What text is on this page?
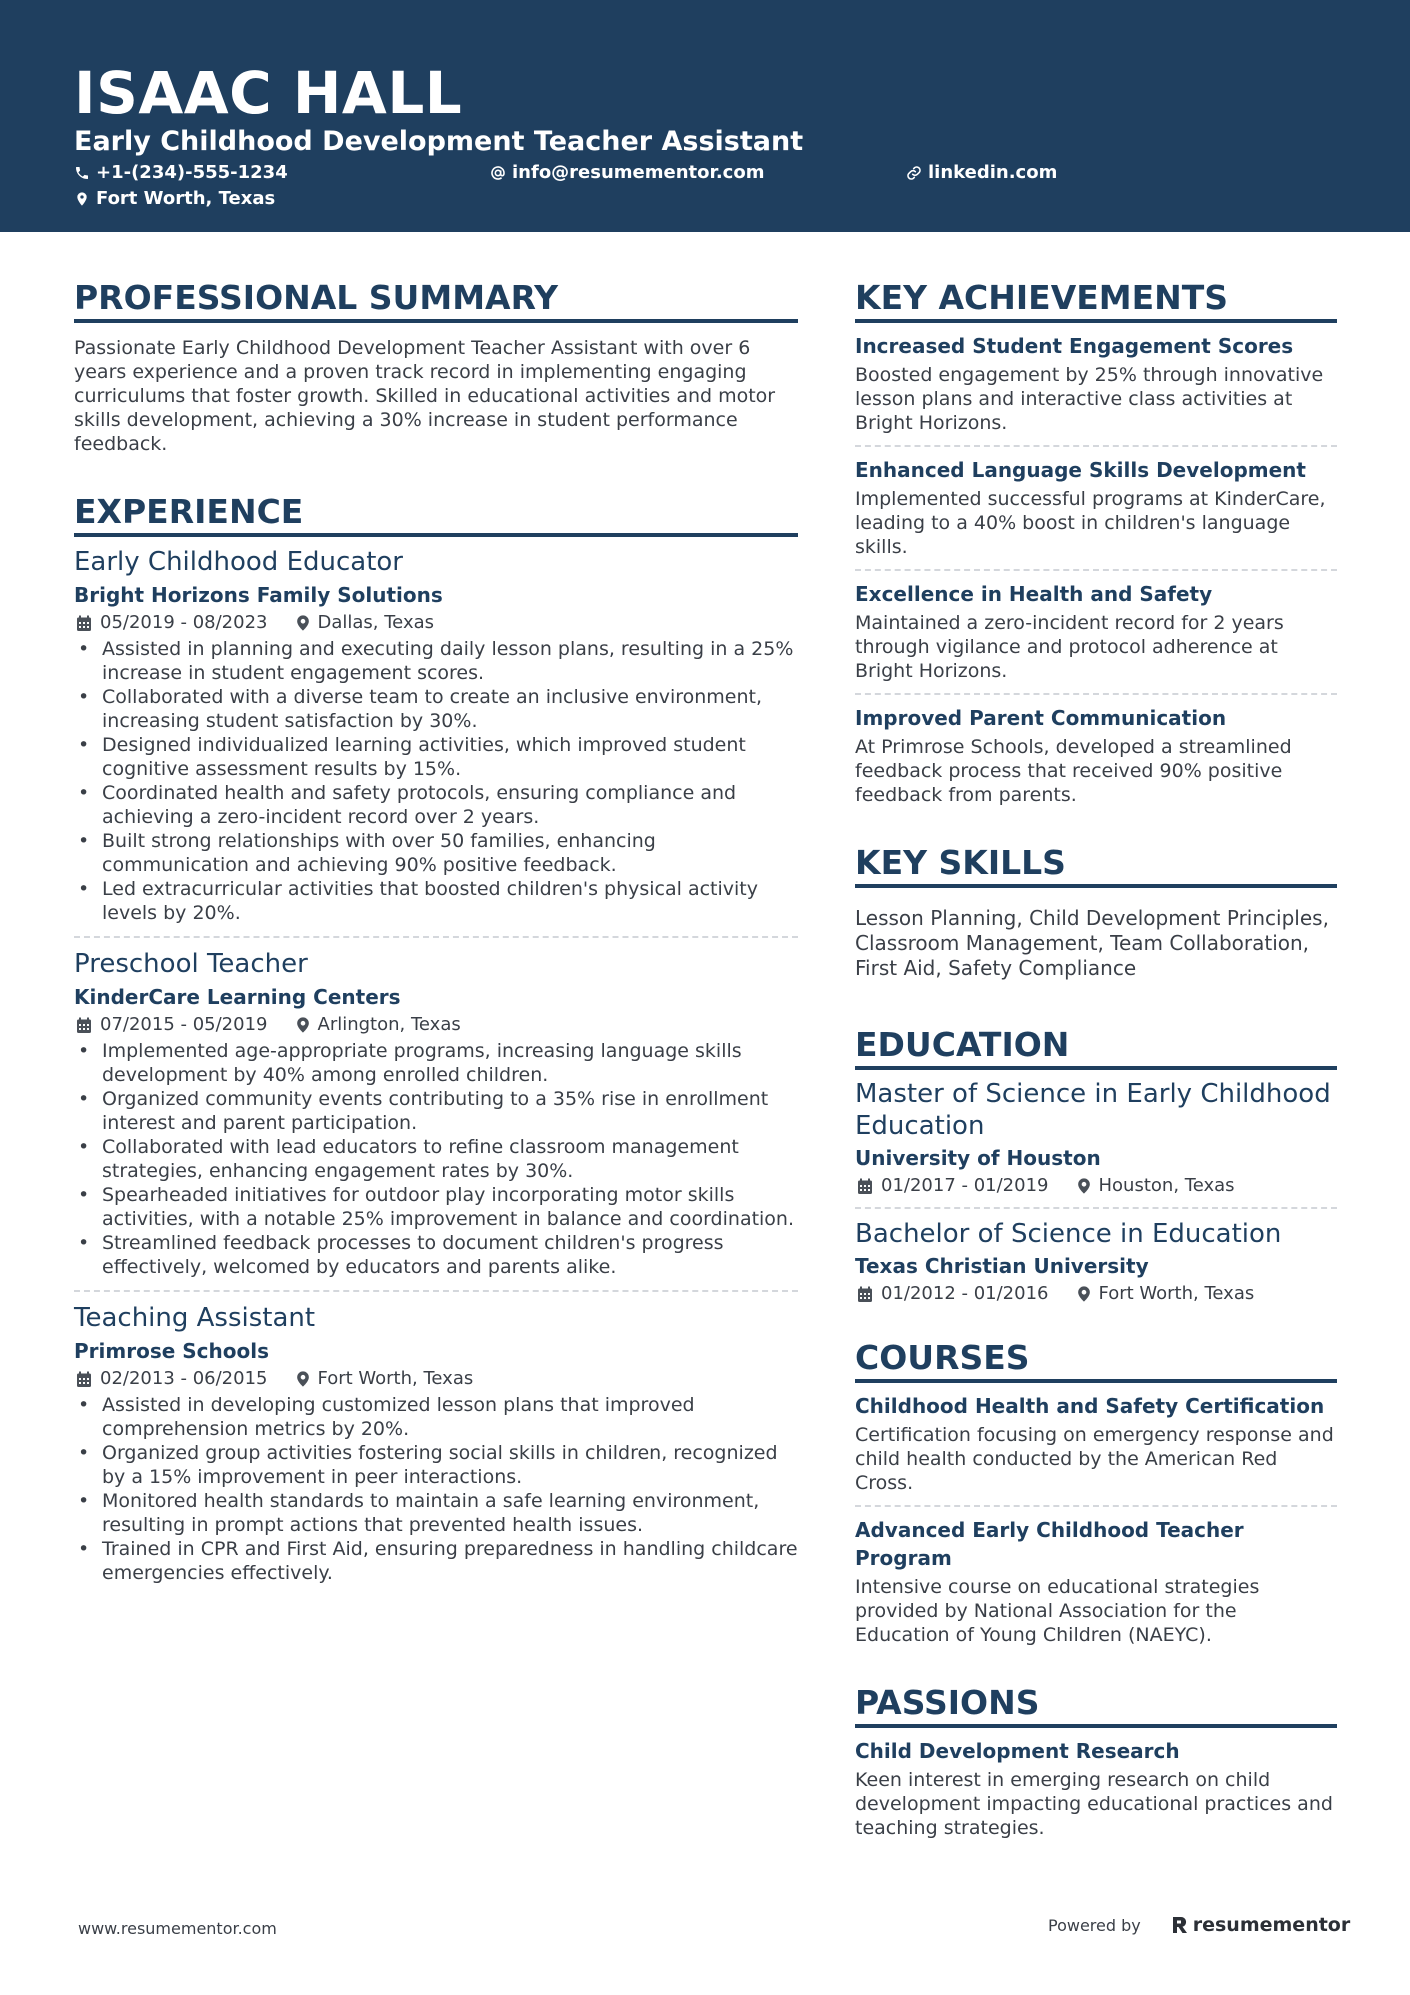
ISAAC HALL
Early Childhood Development Teacher Assistant
+1-(234)-555-1234	info@resumementor.com	linkedin.com
Fort Worth, Texas
PROFESSIONAL SUMMARY
Passionate Early Childhood Development Teacher Assistant with over 6 years experience and a proven track record in implementing engaging curriculums that foster growth. Skilled in educational activities and motor skills development, achieving a 30% increase in student performance feedback.
EXPERIENCE
Early Childhood Educator
Bright Horizons Family Solutions
05/2019 - 08/2023	Dallas, Texas
• Assisted in planning and executing daily lesson plans, resulting in a 25% increase in student engagement scores.
• Collaborated with a diverse team to create an inclusive environment, increasing student satisfaction by 30%.
• Designed individualized learning activities, which improved student cognitive assessment results by 15%.
• Coordinated health and safety protocols, ensuring compliance and achieving a zero-incident record over 2 years.
• Built strong relationships with over 50 families, enhancing communication and achieving 90% positive feedback.
• Led extracurricular activities that boosted children's physical activity levels by 20%.
Preschool Teacher
KinderCare Learning Centers
07/2015 - 05/2019	Arlington, Texas
• Implemented age-appropriate programs, increasing language skills development by 40% among enrolled children.
• Organized community events contributing to a 35% rise in enrollment interest and parent participation.
• Collaborated with lead educators to refine classroom management strategies, enhancing engagement rates by 30%.
• Spearheaded initiatives for outdoor play incorporating motor skills activities, with a notable 25% improvement in balance and coordination.
• Streamlined feedback processes to document children's progress effectively, welcomed by educators and parents alike.
Teaching Assistant
Primrose Schools
02/2013 - 06/2015	Fort Worth, Texas
• Assisted in developing customized lesson plans that improved comprehension metrics by 20%.
• Organized group activities fostering social skills in children, recognized by a 15% improvement in peer interactions.
• Monitored health standards to maintain a safe learning environment, resulting in prompt actions that prevented health issues.
• Trained in CPR and First Aid, ensuring preparedness in handling childcare emergencies effectively.
KEY ACHIEVEMENTS
Increased Student Engagement Scores
Boosted engagement by 25% through innovative lesson plans and interactive class activities at Bright Horizons.
Enhanced Language Skills Development
Implemented successful programs at KinderCare, leading to a 40% boost in children's language skills.
Excellence in Health and Safety
Maintained a zero-incident record for 2 years through vigilance and protocol adherence at Bright Horizons.
Improved Parent Communication
At Primrose Schools, developed a streamlined feedback process that received 90% positive feedback from parents.
KEY SKILLS
Lesson Planning, Child Development Principles, Classroom Management, Team Collaboration, First Aid, Safety Compliance
EDUCATION
Master of Science in Early Childhood Education
University of Houston
01/2017 - 01/2019	Houston, Texas
Bachelor of Science in Education
Texas Christian University
01/2012 - 01/2016	Fort Worth, Texas
COURSES
Childhood Health and Safety Certification
Certification focusing on emergency response and child health conducted by the American Red Cross.
Advanced Early Childhood Teacher Program
Intensive course on educational strategies provided by National Association for the Education of Young Children (NAEYC).
PASSIONS
Child Development Research
Keen interest in emerging research on child development impacting educational practices and teaching strategies.
www.resumementor.com	Powered by	resumementor
